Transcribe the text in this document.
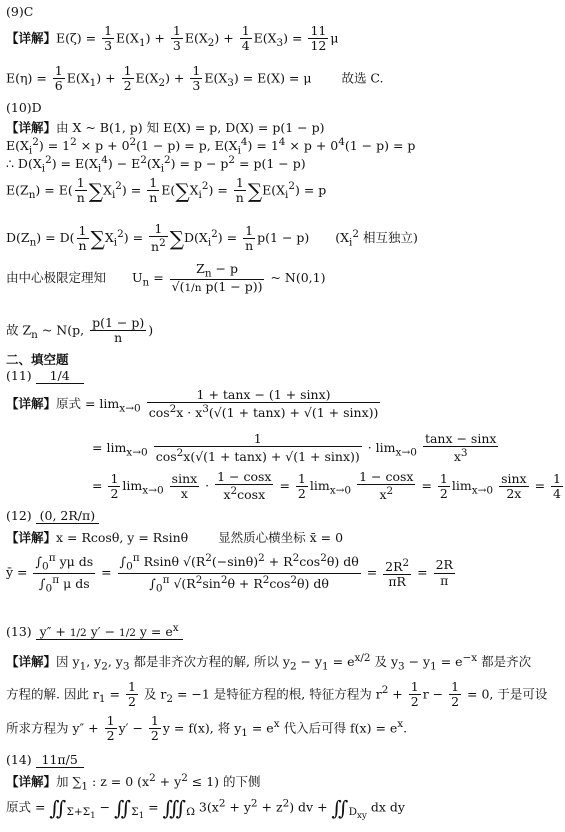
(9)C
【详解】$E(\zeta) = \frac{1}{3} E(X_1) + \frac{1}{3} E(X_2) + \frac{1}{4} E(X_3) = \frac{11}{12}$ μ
$E(\eta) = \frac{1}{6} E(X_1) + \frac{1}{2} E(X_2) + \frac{1}{3} E(X_3) = E(X) = \mu$  故选 C.
(10)D
【详解】由 X ~ B(1, p) 知 E(X) = p, D(X) = p(1 − p)
$E(X_i^2) = 1^2 \times p + 0^2(1 - p) = p$, $E(X_i^4) = 1^4 \times p + 0^4(1 - p) = p$
∴ $D(X_i^2) = E(X_i^4) - E^2(X_i^2) = p - p^2 = p(1 - p)$
$E(Z_n) = E( \frac{1}{n} \sum X_i^2) = \frac{1}{n} E(\sum X_i^2) = \frac{1}{n} \sum E(X_i^2) = p$
$D(Z_n) = D( \frac{1}{n} \sum X_i^2) = \frac{1}{n^2} \sum D(X_i^2) = \frac{1}{n} p(1 - p)$ ($X_i^2$ 相互独立)
由中心极限定理知 $U_n = \frac{Z_n - p}{\text{√(1/n p(1 − p))}}$ ~ N(0,1)
故 $Z_n$ ~ N(p, $\frac{p(1 - p)}{n}$ )
二、填空题
(11) 1/4
【详解】原式 = $\lim_{x\to 0} \frac{1 + \tan x - (1 + \sin x)}{\cos^2x \cdot x^3(√(1 + \tan x) + √(1 + \sin x))}$
= $\lim_{x\to 0} \frac{1}{\cos^2x(√(1 + \tan x) + √(1 + \sin x))} \cdot \lim_{x\to 0} \frac{\tan x - \sin x}{x^3}$
= $\frac{1}{2} \lim_{x\to 0} \frac{\sin x}{x} \cdot \frac{1 - \cos x}{x^2\cos x} = \frac{1}{2} \lim_{x\to 0} \frac{1 - \cos x}{x^2} = \frac{1}{2} \lim_{x\to 0} \frac{\sin x}{2x} = \frac{1}{4}$
(12) (0, 2R/π)
【详解】x = Rcosθ, y = Rsinθ  显然质心横坐标 x̄ = 0
ȳ = $\frac{\int_0^\pi y\mu ds}{\int_0^\pi \mu ds} = \frac{\int_0^\pi Rsin\theta √(R^2(-\sin\theta)^2 + R^2\cos^2\theta) d\theta}{\int_0^\pi √(R^2\sin^2\theta + R^2\cos^2\theta) d\theta} = \frac{2R^2}{\pi R} = \frac{2R}{\pi}$
(13) y″ + 1/2 y′ − 1/2 $y = e^x$
【详解】因 $y_1$, $y_2$, $y_3$ 都是非齐次方程的解, 所以 $y_2 - y_1 = e^{x/2}$ 及 $y_3 - y_1 = e^{-x}$ 都是齐次
方程的解. 因此 $r_1 = \frac{1}{2}$ 及 $r_2 = -1$ 是特征方程的根, 特征方程为 $r^2 + \frac{1}{2}$ $r - \frac{1}{2} = 0$, 于是可设
所求方程为 $y'' + \frac{1}{2} y' - \frac{1}{2}$ y = f(x), 将 $y_1 = e^x$ 代入后可得 $f(x) = e^x$.
(14) 11π/5
【详解】加 $\sum_1$ : z = 0 $(x^2 + y^2 \le 1)$ 的下侧
原式 = $∬_{\Sigma+\Sigma_1}$ − $∬_{\Sigma_1}$ = $∭_\Omega$ $3(x^2 + y^2 + z^2)$ dv + $∬_{D_{xy}}$ dx dy
